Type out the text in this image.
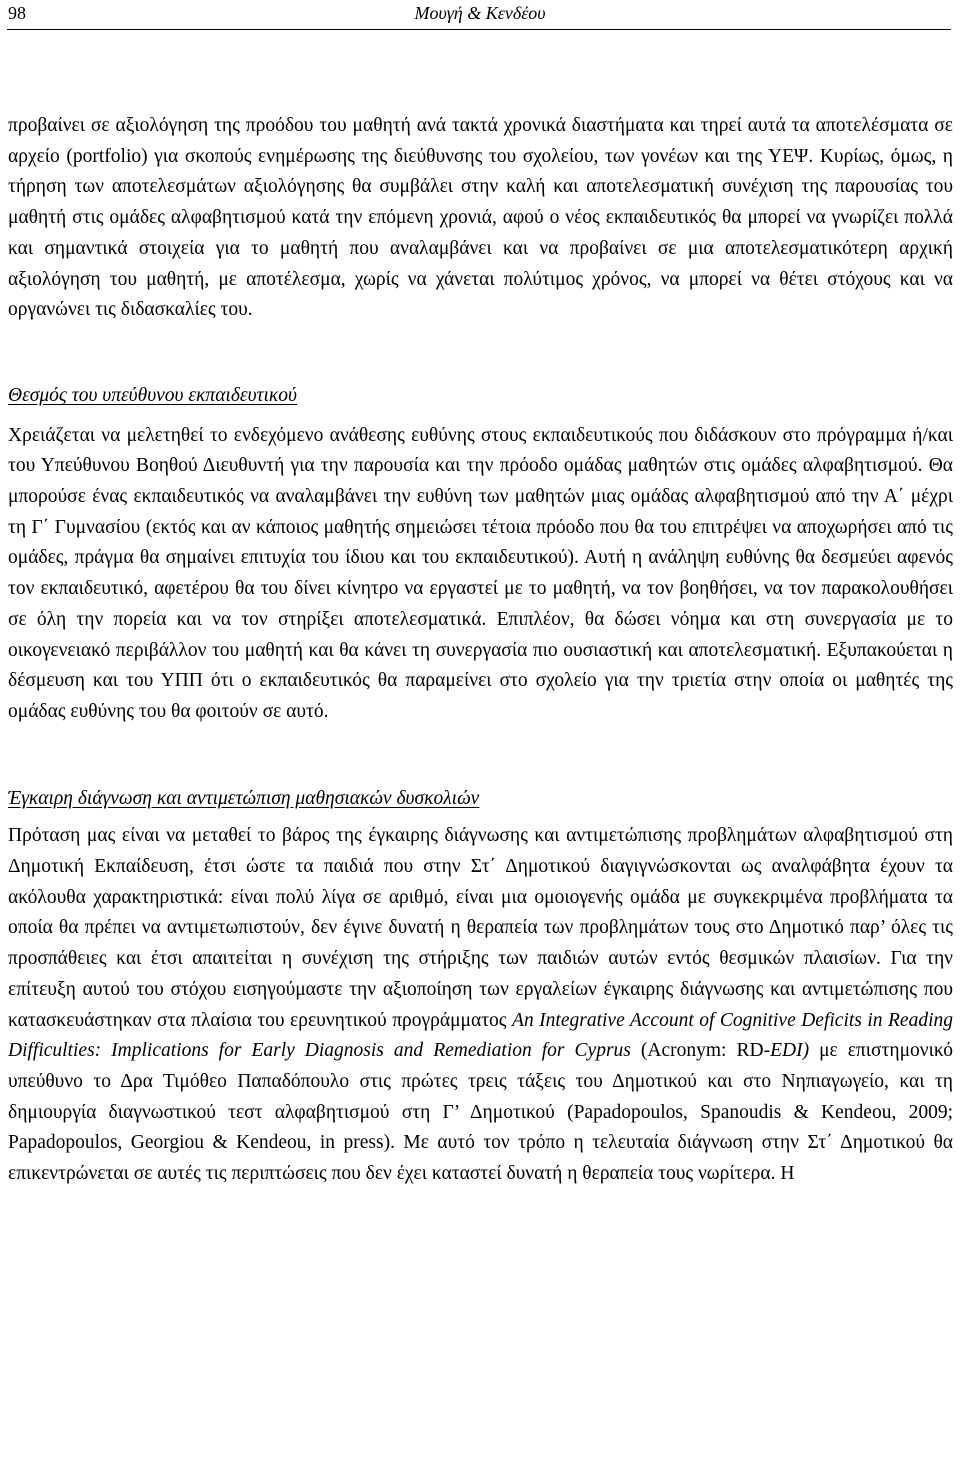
98	Μουγή & Κενδέου

προβαίνει σε αξιολόγηση της προόδου του μαθητή ανά τακτά χρονικά διαστήματα και τηρεί αυτά τα αποτελέσματα σε αρχείο (portfolio) για σκοπούς ενημέρωσης της διεύθυνσης του σχολείου, των γονέων και της ΥΕΨ. Κυρίως, όμως, η τήρηση των αποτελεσμάτων αξιολόγησης θα συμβάλει στην καλή και αποτελεσματική συνέχιση της παρουσίας του μαθητή στις ομάδες αλφαβητισμού κατά την επόμενη χρονιά, αφού ο νέος εκπαιδευτικός θα μπορεί να γνωρίζει πολλά και σημαντικά στοιχεία για το μαθητή που αναλαμβάνει και να προβαίνει σε μια αποτελεσματικότερη αρχική αξιολόγηση του μαθητή, με αποτέλεσμα, χωρίς να χάνεται πολύτιμος χρόνος, να μπορεί να θέτει στόχους και να οργανώνει τις διδασκαλίες του.

Θεσμός του υπεύθυνου εκπαιδευτικού

Χρειάζεται να μελετηθεί το ενδεχόμενο ανάθεσης ευθύνης στους εκπαιδευτικούς που διδάσκουν στο πρόγραμμα ή/και του Υπεύθυνου Βοηθού Διευθυντή για την παρουσία και την πρόοδο ομάδας μαθητών στις ομάδες αλφαβητισμού. Θα μπορούσε ένας εκπαιδευτικός να αναλαμβάνει την ευθύνη των μαθητών μιας ομάδας αλφαβητισμού από την Α΄ μέχρι τη Γ΄ Γυμνασίου (εκτός και αν κάποιος μαθητής σημειώσει τέτοια πρόοδο που θα του επιτρέψει να αποχωρήσει από τις ομάδες, πράγμα θα σημαίνει επιτυχία του ίδιου και του εκπαιδευτικού). Αυτή η ανάληψη ευθύνης θα δεσμεύει αφενός τον εκπαιδευτικό, αφετέρου θα του δίνει κίνητρο να εργαστεί με το μαθητή, να τον βοηθήσει, να τον παρακολουθήσει σε όλη την πορεία και να τον στηρίξει αποτελεσματικά. Επιπλέον, θα δώσει νόημα και στη συνεργασία με το οικογενειακό περιβάλλον του μαθητή και θα κάνει τη συνεργασία πιο ουσιαστική και αποτελεσματική. Εξυπακούεται η δέσμευση και του ΥΠΠ ότι ο εκπαιδευτικός θα παραμείνει στο σχολείο για την τριετία στην οποία οι μαθητές της ομάδας ευθύνης του θα φοιτούν σε αυτό.

Έγκαιρη διάγνωση και αντιμετώπιση μαθησιακών δυσκολιών

Πρόταση μας είναι να μεταθεί το βάρος της έγκαιρης διάγνωσης και αντιμετώπισης προβλημάτων αλφαβητισμού στη Δημοτική Εκπαίδευση, έτσι ώστε τα παιδιά που στην Στ΄ Δημοτικού διαγιγνώσκονται ως αναλφάβητα έχουν τα ακόλουθα χαρακτηριστικά: είναι πολύ λίγα σε αριθμό, είναι μια ομοιογενής ομάδα με συγκεκριμένα προβλήματα τα οποία θα πρέπει να αντιμετωπιστούν, δεν έγινε δυνατή η θεραπεία των προβλημάτων τους στο Δημοτικό παρ’ όλες τις προσπάθειες και έτσι απαιτείται η συνέχιση της στήριξης των παιδιών αυτών εντός θεσμικών πλαισίων. Για την επίτευξη αυτού του στόχου εισηγούμαστε την αξιοποίηση των εργαλείων έγκαιρης διάγνωσης και αντιμετώπισης που κατασκευάστηκαν στα πλαίσια του ερευνητικού προγράμματος An Integrative Account of Cognitive Deficits in Reading Difficulties: Implications for Early Diagnosis and Remediation for Cyprus (Acronym: RD-EDI) με επιστημονικό υπεύθυνο το Δρα Τιμόθεο Παπαδόπουλο στις πρώτες τρεις τάξεις του Δημοτικού και στο Νηπιαγωγείο, και τη δημιουργία διαγνωστικού τεστ αλφαβητισμού στη Γ’ Δημοτικού (Papadopoulos, Spanoudis & Kendeou, 2009; Papadopoulos, Georgiou & Kendeou, in press). Με αυτό τον τρόπο η τελευταία διάγνωση στην Στ΄ Δημοτικού θα επικεντρώνεται σε αυτές τις περιπτώσεις που δεν έχει καταστεί δυνατή η θεραπεία τους νωρίτερα. Η
